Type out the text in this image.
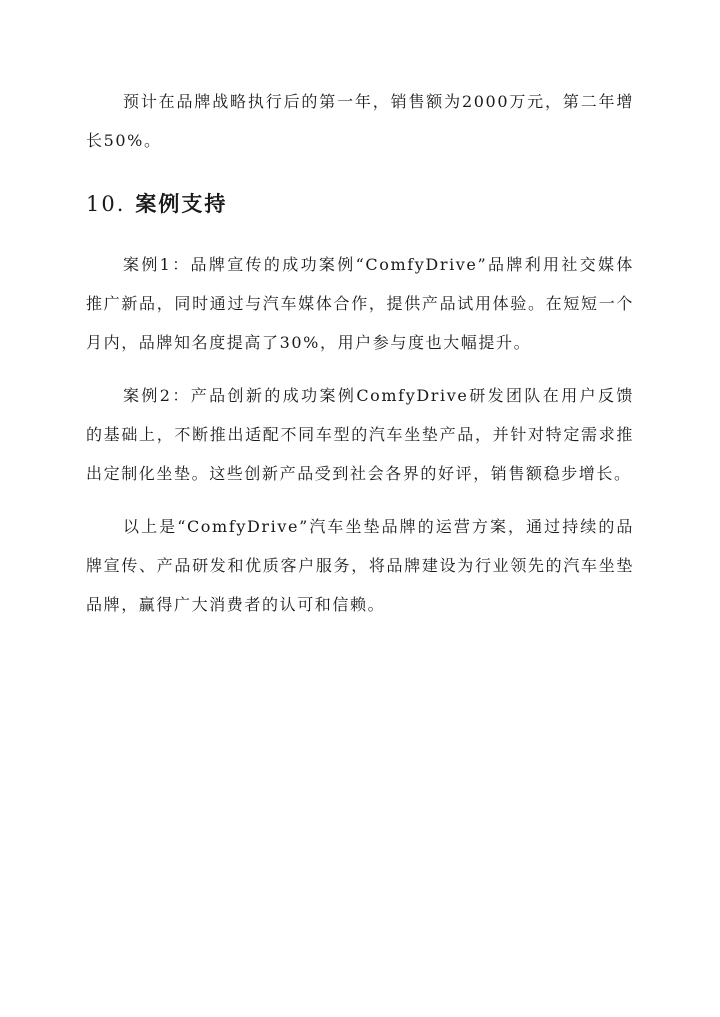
预计在品牌战略执行后的第一年，销售额为2000万元，第二年增长50%。

10. 案例支持

案例1：品牌宣传的成功案例“ComfyDrive”品牌利用社交媒体推广新品，同时通过与汽车媒体合作，提供产品试用体验。在短短一个月内，品牌知名度提高了30%，用户参与度也大幅提升。

案例2：产品创新的成功案例ComfyDrive研发团队在用户反馈的基础上，不断推出适配不同车型的汽车坐垫产品，并针对特定需求推出定制化坐垫。这些创新产品受到社会各界的好评，销售额稳步增长。

以上是“ComfyDrive”汽车坐垫品牌的运营方案，通过持续的品牌宣传、产品研发和优质客户服务，将品牌建设为行业领先的汽车坐垫品牌，赢得广大消费者的认可和信赖。
